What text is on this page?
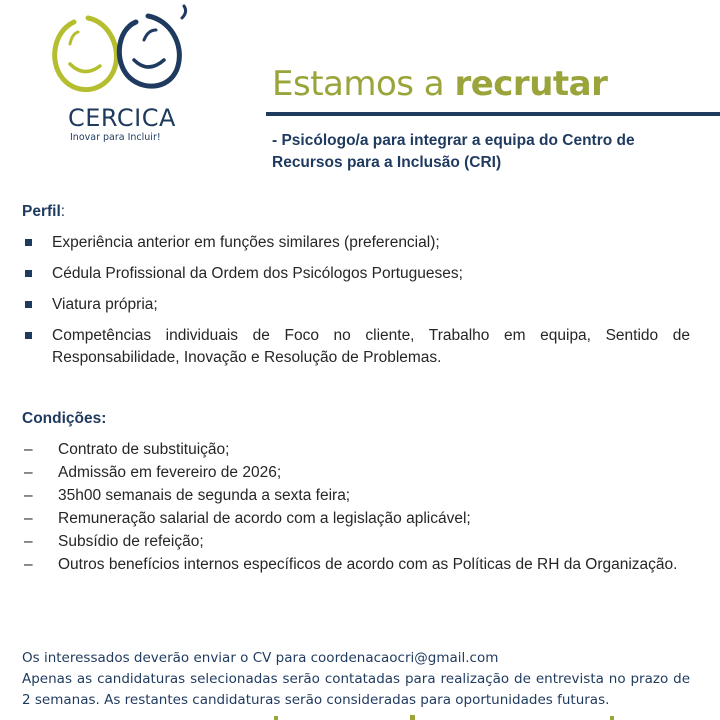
CERCICA
Inovar para Incluir!
Estamos a recrutar
- Psicólogo/a para integrar a equipa do Centro de
Recursos para a Inclusão (CRI)
Perfil:
Experiência anterior em funções similares (preferencial);
Cédula Profissional da Ordem dos Psicólogos Portugueses;
Viatura própria;
Competências individuais de Foco no cliente, Trabalho em equipa, Sentido de Responsabilidade, Inovação e Resolução de Problemas.
Condições:
– Contrato de substituição;
– Admissão em fevereiro de 2026;
– 35h00 semanais de segunda a sexta feira;
– Remuneração salarial de acordo com a legislação aplicável;
– Subsídio de refeição;
– Outros benefícios internos específicos de acordo com as Políticas de RH da Organização.

Os interessados deverão enviar o CV para coordenacaocri@gmail.com

Apenas as candidaturas selecionadas serão contatadas para realização de entrevista no prazo de 2 semanas. As restantes candidaturas serão consideradas para oportunidades futuras.
